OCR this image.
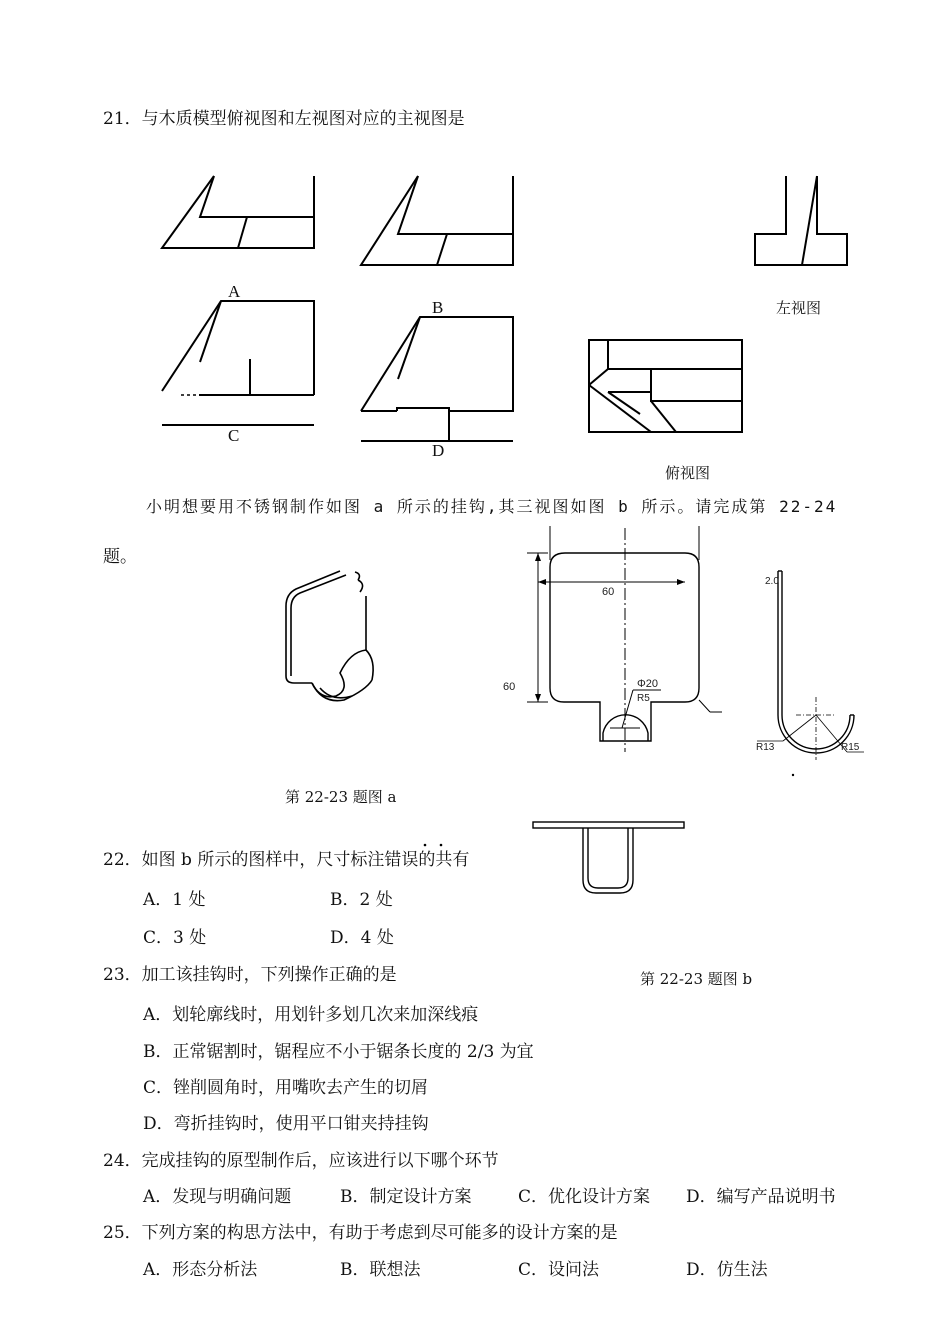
21．与木质模型俯视图和左视图对应的主视图是
A
B
C
D
左视图
俯视图
小明想要用不锈钢制作如图 a 所示的挂钩,其三视图如图 b 所示。请完成第 22-24
题。
第 22-23 题图 a
60
60	Φ20
R5
2.0
R13	R15
第 22-23 题图 b
22．如图 b 所示的图样中，尺寸标注错误的共有
A．1 处	B．2 处
C．3 处	D．4 处
23．加工该挂钩时，下列操作正确的是
A．划轮廓线时，用划针多划几次来加深线痕
B．正常锯割时，锯程应不小于锯条长度的 2/3 为宜
C．锉削圆角时，用嘴吹去产生的切屑
D．弯折挂钩时，使用平口钳夹持挂钩
24．完成挂钩的原型制作后，应该进行以下哪个环节
A．发现与明确问题	B．制定设计方案	C．优化设计方案 D．编写产品说明书
25．下列方案的构思方法中，有助于考虑到尽可能多的设计方案的是
A．形态分析法	B．联想法	C．设问法	D．仿生法
